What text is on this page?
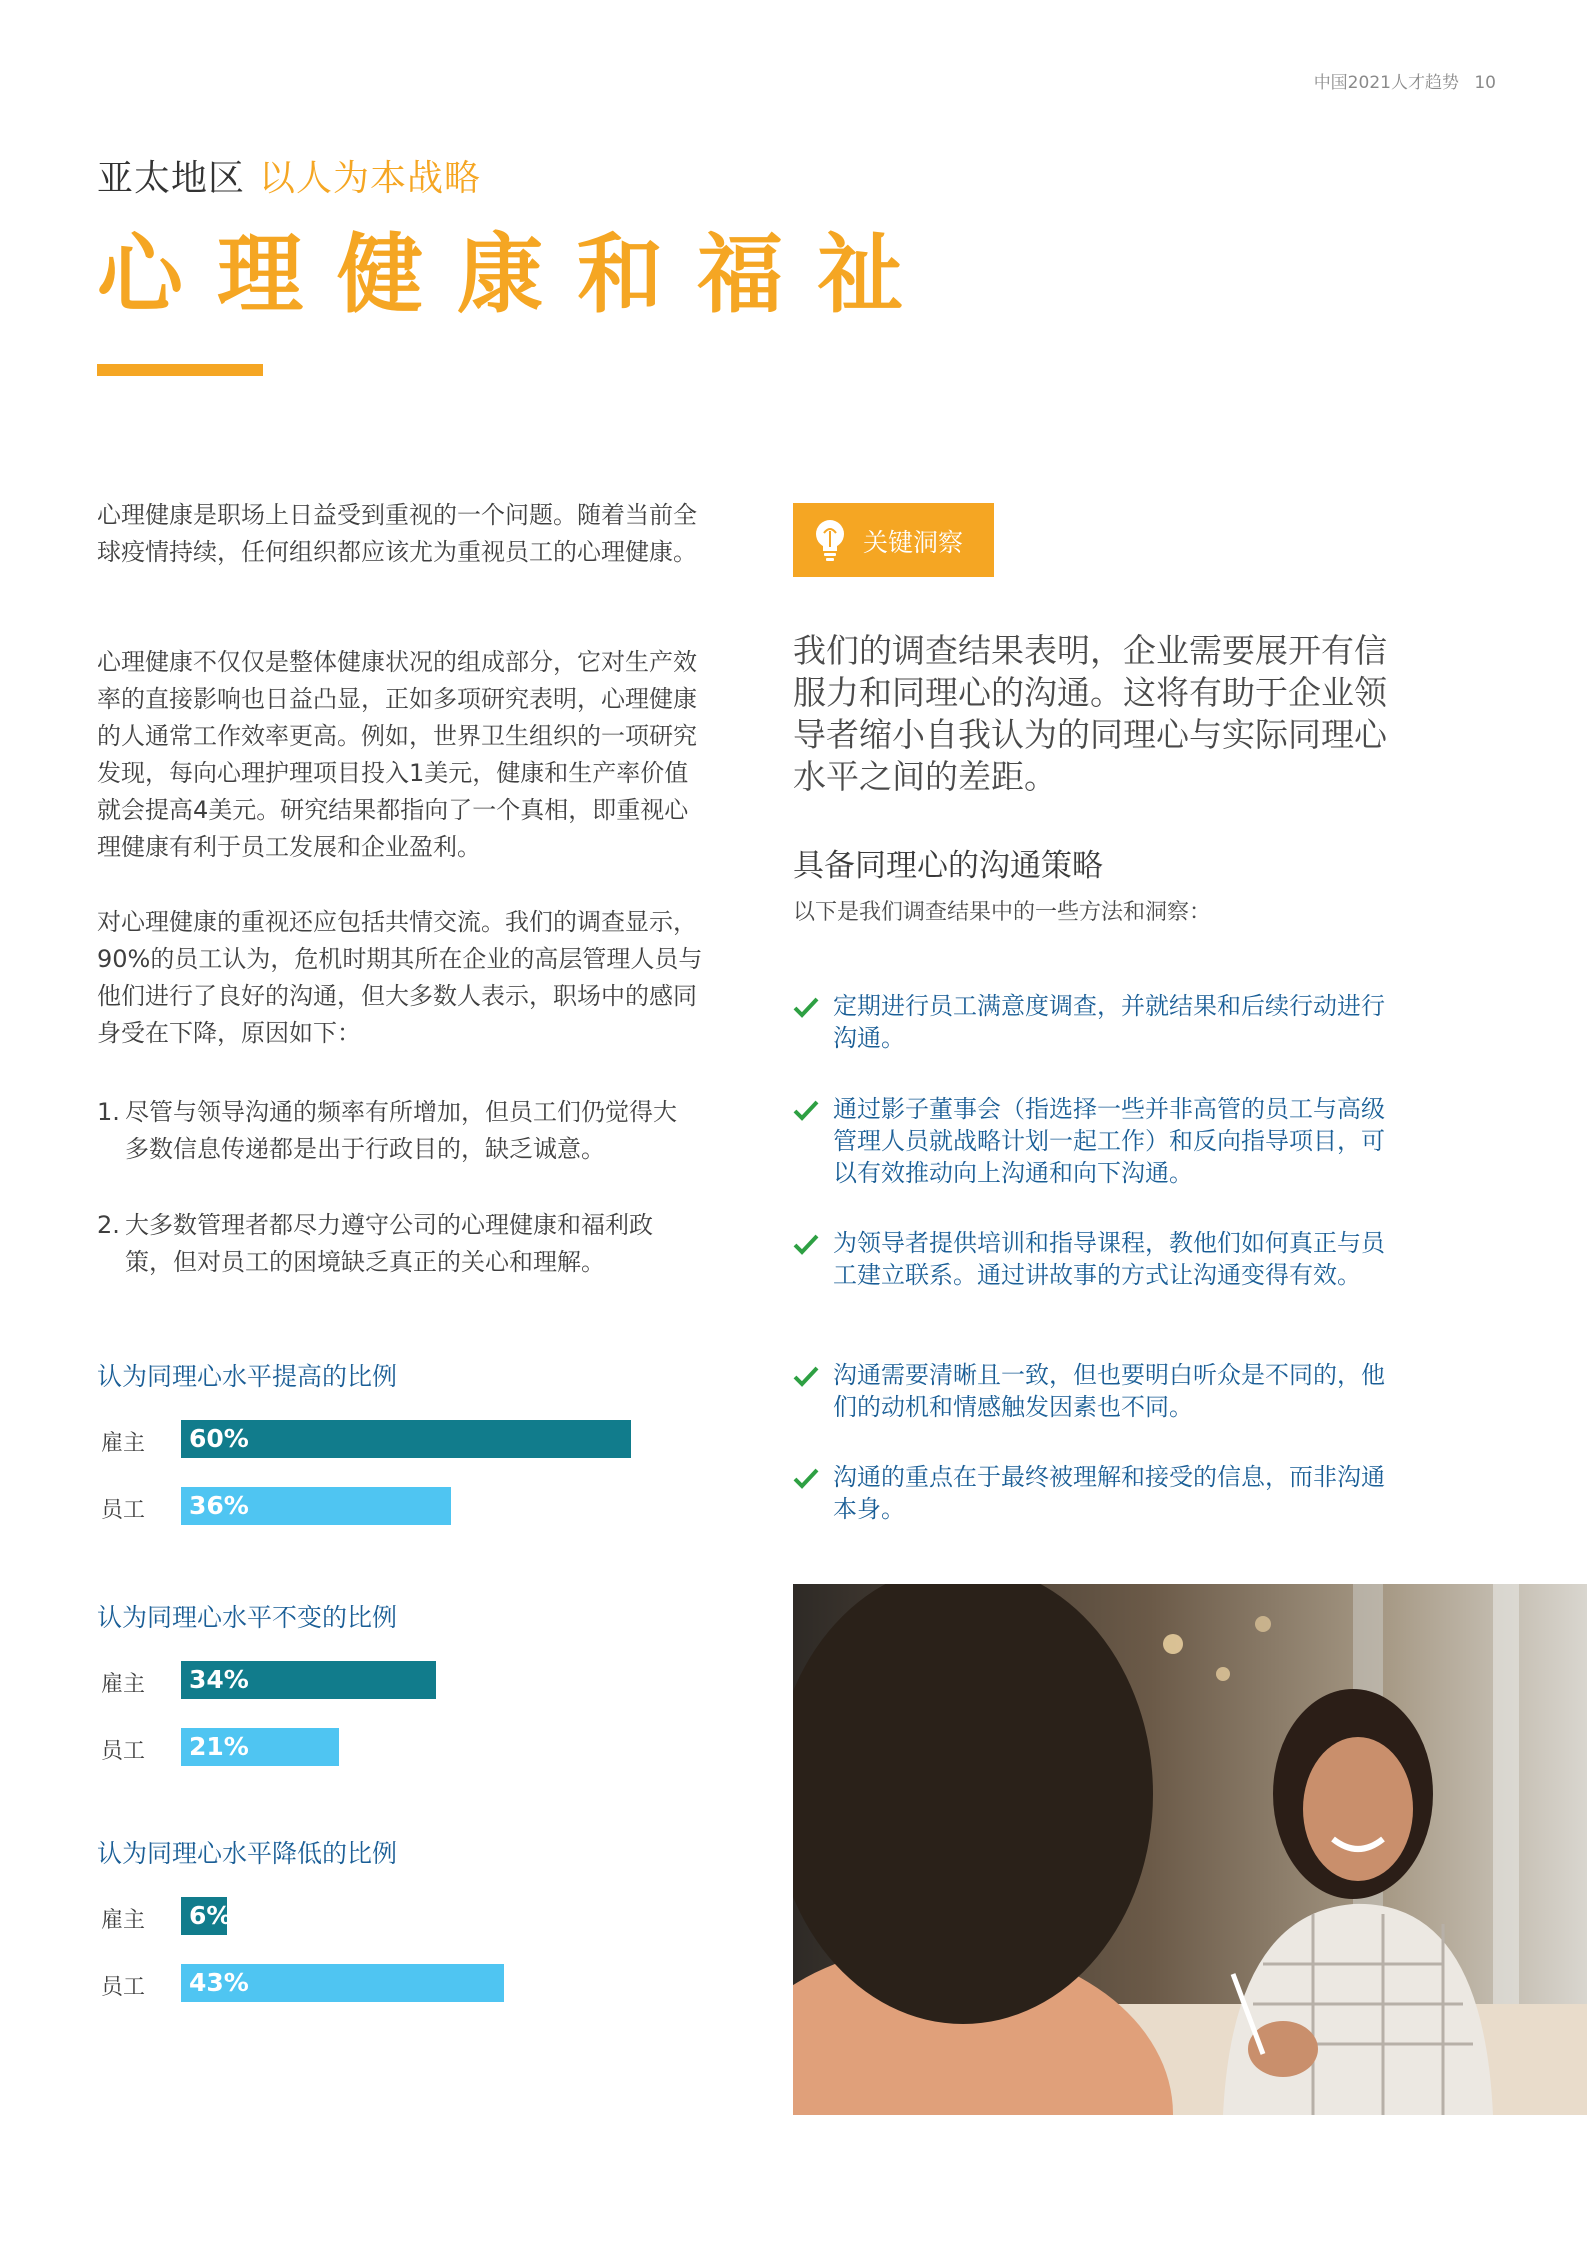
中国2021人才趋势 10
亚太地区 以人为本战略
心理健康和福祉
心理健康是职场上日益受到重视的一个问题。随着当前全球疫情持续，任何组织都应该尤为重视员工的心理健康。
心理健康不仅仅是整体健康状况的组成部分，它对生产效率的直接影响也日益凸显，正如多项研究表明，心理健康的人通常工作效率更高。例如，世界卫生组织的一项研究发现，每向心理护理项目投入1美元，健康和生产率价值就会提高4美元。研究结果都指向了一个真相，即重视心理健康有利于员工发展和企业盈利。
对心理健康的重视还应包括共情交流。我们的调查显示，90%的员工认为，危机时期其所在企业的高层管理人员与他们进行了良好的沟通，但大多数人表示，职场中的感同身受在下降，原因如下：
1. 尽管与领导沟通的频率有所增加，但员工们仍觉得大
多数信息传递都是出于行政目的，缺乏诚意。
2. 大多数管理者都尽力遵守公司的心理健康和福利政
策，但对员工的困境缺乏真正的关心和理解。
认为同理心水平提高的比例
雇主	60%
员工	36%
认为同理心水平不变的比例
雇主	34%
员工	21%
认为同理心水平降低的比例
雇主	6%
员工	43%
关键洞察
我们的调查结果表明，企业需要展开有信服力和同理心的沟通。这将有助于企业领导者缩小自我认为的同理心与实际同理心水平之间的差距。
具备同理心的沟通策略
以下是我们调查结果中的一些方法和洞察：
定期进行员工满意度调查，并就结果和后续行动进行沟通。
通过影子董事会（指选择一些并非高管的员工与高级管理人员就战略计划一起工作）和反向指导项目，可以有效推动向上沟通和向下沟通。
为领导者提供培训和指导课程，教他们如何真正与员工建立联系。通过讲故事的方式让沟通变得有效。
沟通需要清晰且一致，但也要明白听众是不同的，他们的动机和情感触发因素也不同。
沟通的重点在于最终被理解和接受的信息，而非沟通本身。
